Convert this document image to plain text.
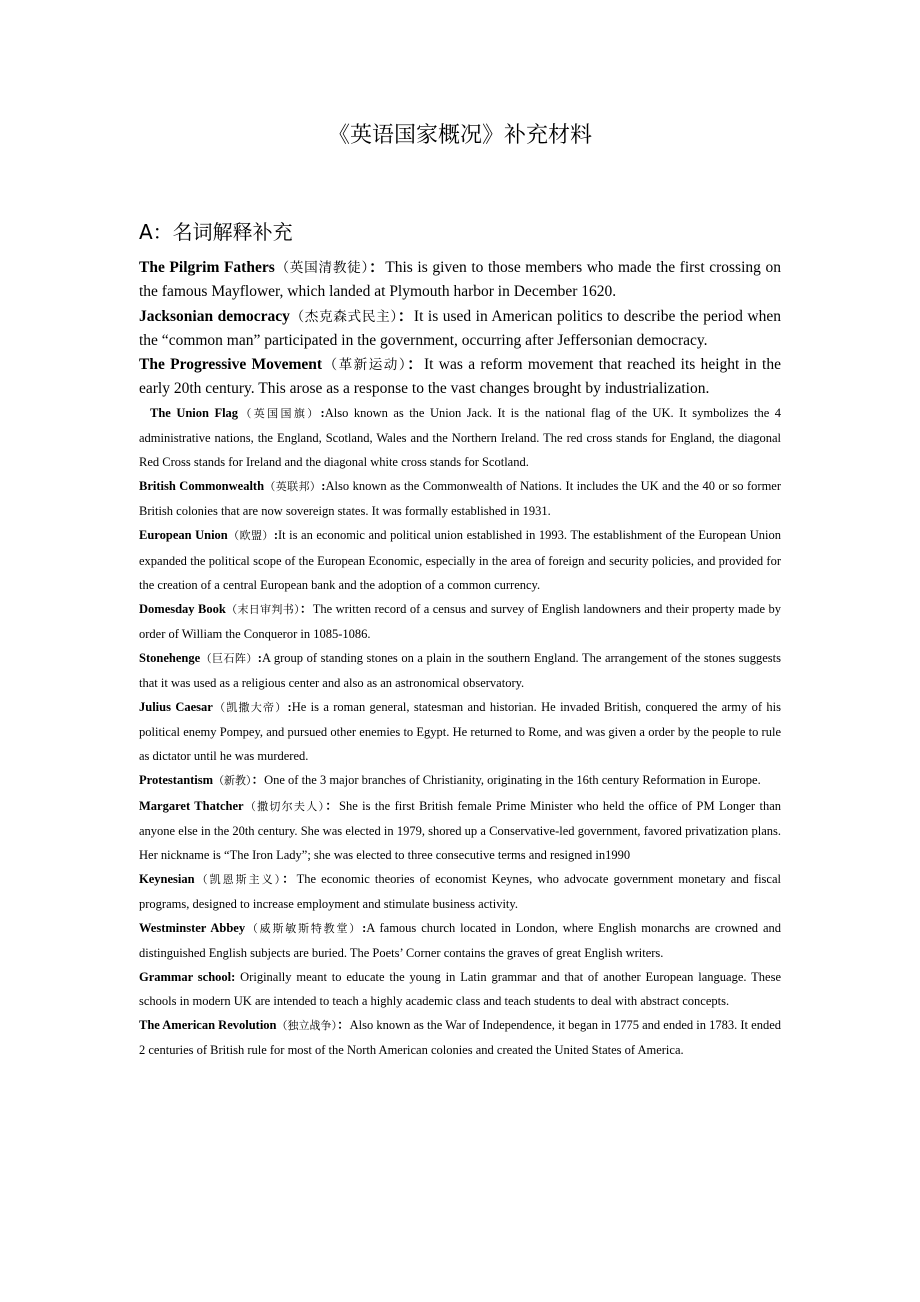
《英语国家概况》补充材料
A：名词解释补充

The Pilgrim Fathers（英国清教徒）：This is given to those members who made the first crossing on the famous Mayflower, which landed at Plymouth harbor in December 1620.

Jacksonian democracy（杰克森式民主）：It is used in American politics to describe the period when the “common man” participated in the government, occurring after Jeffersonian democracy.

The Progressive Movement（革新运动）：It was a reform movement that reached its height in the early 20th century. This arose as a response to the vast changes brought by industrialization.

The Union Flag（英国国旗）:Also known as the Union Jack. It is the national flag of the UK. It symbolizes the 4 administrative nations, the England, Scotland, Wales and the Northern Ireland. The red cross stands for England, the diagonal Red Cross stands for Ireland and the diagonal white cross stands for Scotland.

British Commonwealth（英联邦）:Also known as the Commonwealth of Nations. It includes the UK and the 40 or so former British colonies that are now sovereign states. It was formally established in 1931.

European Union（欧盟）:It is an economic and political union established in 1993. The establishment of the European Union expanded the political scope of the European Economic, especially in the area of foreign and security policies, and provided for the creation of a central European bank and the adoption of a common currency.

Domesday Book（末日审判书）：The written record of a census and survey of English landowners and their property made by order of William the Conqueror in 1085-1086.

Stonehenge（巨石阵）:A group of standing stones on a plain in the southern England. The arrangement of the stones suggests that it was used as a religious center and also as an astronomical observatory.

Julius Caesar（凯撒大帝）:He is a roman general, statesman and historian. He invaded British, conquered the army of his political enemy Pompey, and pursued other enemies to Egypt. He returned to Rome, and was given a order by the people to rule as dictator until he was murdered.

Protestantism（新教）：One of the 3 major branches of Christianity, originating in the 16th century Reformation in Europe.

Margaret Thatcher（撒切尔夫人）：She is the first British female Prime Minister who held the office of PM Longer than anyone else in the 20th century. She was elected in 1979, shored up a Conservative-led government, favored privatization plans. Her nickname is “The Iron Lady”; she was elected to three consecutive terms and resigned in1990

Keynesian（凯恩斯主义）：The economic theories of economist Keynes, who advocate government monetary and fiscal programs, designed to increase employment and stimulate business activity.

Westminster Abbey（威斯敏斯特教堂）:A famous church located in London, where English monarchs are crowned and distinguished English subjects are buried. The Poets’ Corner contains the graves of great English writers.

Grammar school: Originally meant to educate the young in Latin grammar and that of another European language. These schools in modern UK are intended to teach a highly academic class and teach students to deal with abstract concepts.

The American Revolution（独立战争）：Also known as the War of Independence, it began in 1775 and ended in 1783. It ended 2 centuries of British rule for most of the North American colonies and created the United States of America.
